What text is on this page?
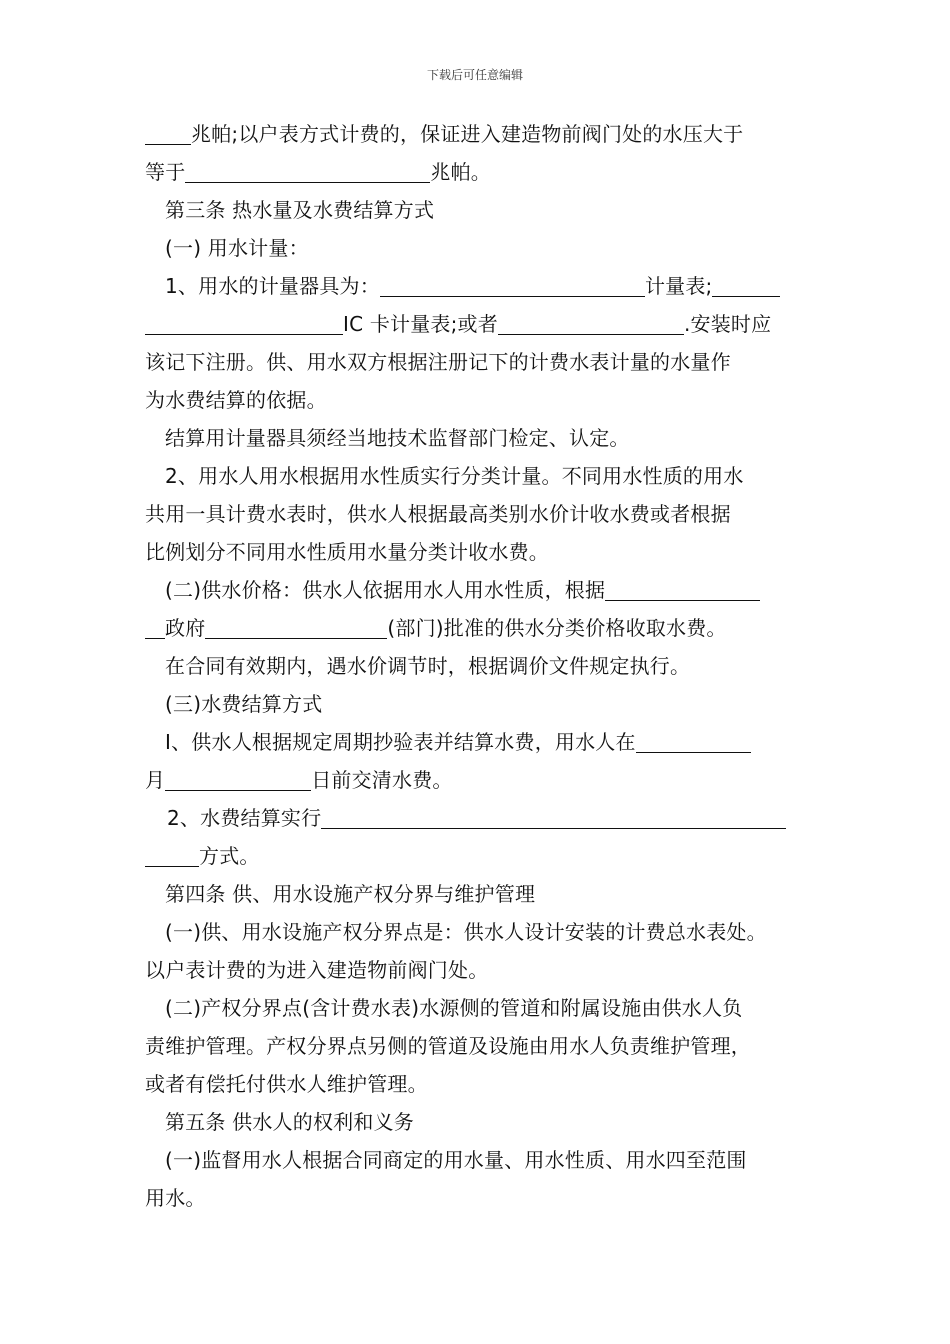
下载后可任意编辑
兆帕;以户表方式计费的，保证进入建造物前阀门处的水压大于
等于	兆帕。
第三条 热水量及水费结算方式
(一) 用水计量：
1、用水的计量器具为：	计量表;
IC 卡计量表;或者	.安装时应
该记下注册。供、用水双方根据注册记下的计费水表计量的水量作
为水费结算的依据。
结算用计量器具须经当地技术监督部门检定、认定。
2、用水人用水根据用水性质实行分类计量。不同用水性质的用水
共用一具计费水表时，供水人根据最高类别水价计收水费或者根据
比例划分不同用水性质用水量分类计收水费。
(二)供水价格：供水人依据用水人用水性质，根据
政府	(部门)批准的供水分类价格收取水费。
在合同有效期内，遇水价调节时，根据调价文件规定执行。
(三)水费结算方式
I、供水人根据规定周期抄验表并结算水费，用水人在
月	日前交清水费。
2、水费结算实行
方式。
第四条 供、用水设施产权分界与维护管理
(一)供、用水设施产权分界点是：供水人设计安装的计费总水表处。
以户表计费的为进入建造物前阀门处。
(二)产权分界点(含计费水表)水源侧的管道和附属设施由供水人负
责维护管理。产权分界点另侧的管道及设施由用水人负责维护管理，
或者有偿托付供水人维护管理。
第五条 供水人的权利和义务
(一)监督用水人根据合同商定的用水量、用水性质、用水四至范围
用水。
